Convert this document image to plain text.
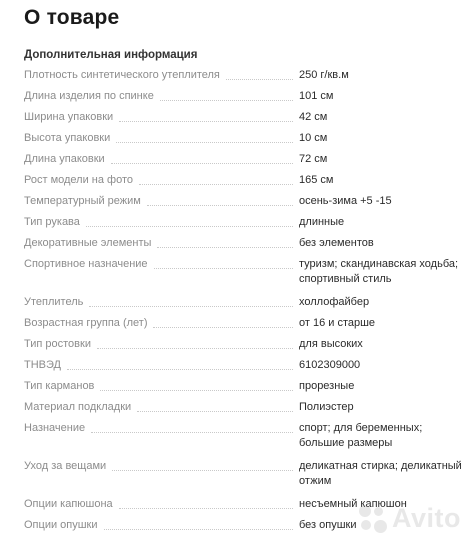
О товаре
Дополнительная информация
Плотность синтетического утеплителя	250 г/кв.м
Длина изделия по спинке	101 см
Ширина упаковки	42 см
Высота упаковки	10 см
Длина упаковки	72 см
Рост модели на фото	165 см
Температурный режим	осень-зима +5 -15
Тип рукава	длинные
Декоративные элементы	без элементов
Спортивное назначение	туризм; скандинавская ходьба; спортивный стиль
Утеплитель	холлофайбер
Возрастная группа (лет)	от 16 и старше
Тип ростовки	для высоких
ТНВЭД	6102309000
Тип карманов	прорезные
Материал подкладки	Полиэстер
Назначение	спорт; для беременных; большие размеры
Уход за вещами	деликатная стирка; деликатный отжим
Опции капюшона	несъемный капюшон
Опции опушки	без опушки	Avito
